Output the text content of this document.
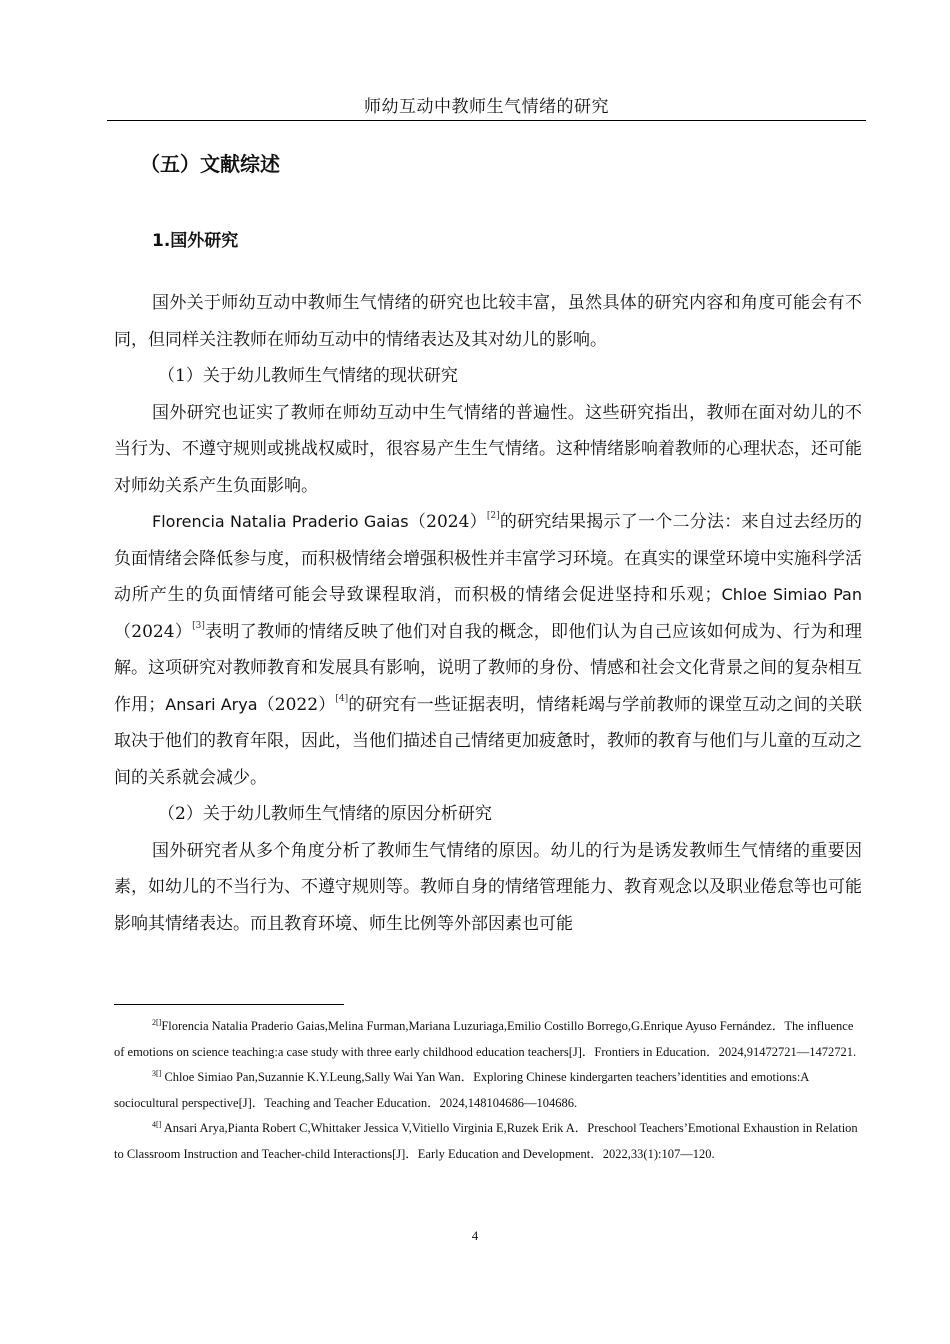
师幼互动中教师生气情绪的研究
（五）文献综述
1.国外研究

国外关于师幼互动中教师生气情绪的研究也比较丰富，虽然具体的研究内容和角度可能会有不同，但同样关注教师在师幼互动中的情绪表达及其对幼儿的影响。

（1）关于幼儿教师生气情绪的现状研究

国外研究也证实了教师在师幼互动中生气情绪的普遍性。这些研究指出，教师在面对幼儿的不当行为、不遵守规则或挑战权威时，很容易产生生气情绪。这种情绪影响着教师的心理状态，还可能对师幼关系产生负面影响。

Florencia Natalia Praderio Gaias（2024）[2]的研究结果揭示了一个二分法：来自过去经历的负面情绪会降低参与度，而积极情绪会增强积极性并丰富学习环境。在真实的课堂环境中实施科学活动所产生的负面情绪可能会导致课程取消，而积极的情绪会促进坚持和乐观；Chloe Simiao Pan（2024）[3]表明了教师的情绪反映了他们对自我的概念，即他们认为自己应该如何成为、行为和理解。这项研究对教师教育和发展具有影响，说明了教师的身份、情感和社会文化背景之间的复杂相互作用；Ansari Arya（2022）[4]的研究有一些证据表明，情绪耗竭与学前教师的课堂互动之间的关联取决于他们的教育年限，因此，当他们描述自己情绪更加疲惫时，教师的教育与他们与儿童的互动之间的关系就会减少。

（2）关于幼儿教师生气情绪的原因分析研究

国外研究者从多个角度分析了教师生气情绪的原因。幼儿的行为是诱发教师生气情绪的重要因素，如幼儿的不当行为、不遵守规则等。教师自身的情绪管理能力、教育观念以及职业倦怠等也可能影响其情绪表达。而且教育环境、师生比例等外部因素也可能

$^{2[]}$Florencia Natalia Praderio Gaias,Melina Furman,Mariana Luzuriaga,Emilio Costillo Borrego,G.Enrique Ayuso Fernández．The influence of emotions on science teaching:a case study with three early childhood education teachers[J]．Frontiers in Education．2024,91472721—1472721.

$^{3[]}$ Chloe Simiao Pan,Suzannie K.Y.Leung,Sally Wai Yan Wan．Exploring Chinese kindergarten teachers’identities and emotions:A sociocultural perspective[J]．Teaching and Teacher Education．2024,148104686—104686.

$^{4[]}$ Ansari Arya,Pianta Robert C,Whittaker Jessica V,Vitiello Virginia E,Ruzek Erik A．Preschool Teachers’Emotional Exhaustion in Relation to Classroom Instruction and Teacher-child Interactions[J]．Early Education and Development．2022,33(1):107—120.

4
